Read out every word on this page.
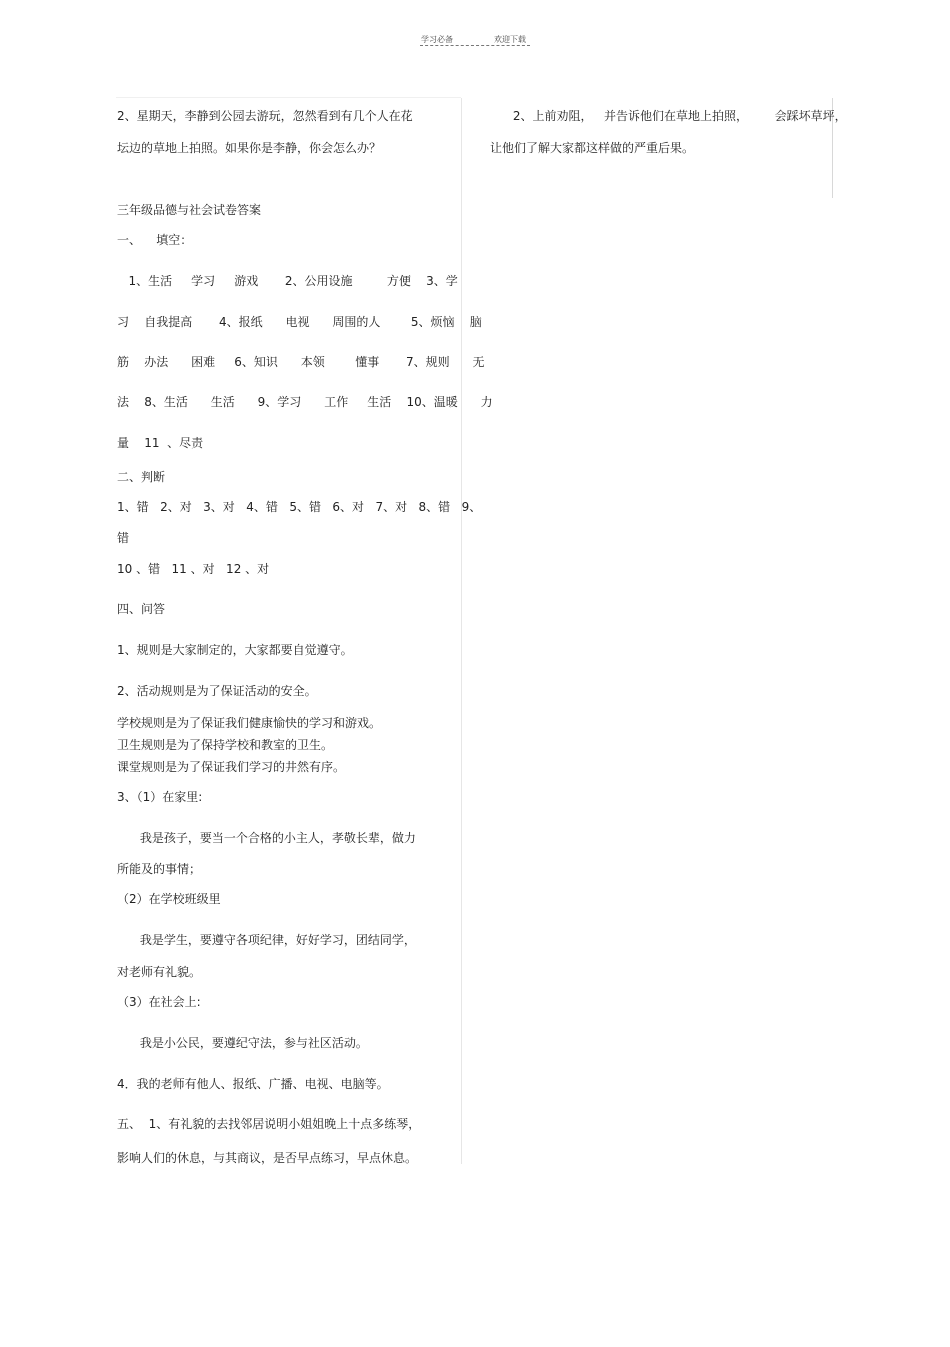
学习必备	欢迎下载
2、星期天，李静到公园去游玩，忽然看到有几个人在花
坛边的草地上拍照。如果你是李静，你会怎么办？
三年级品德与社会试卷答案
一、    填空：
1、生活     学习     游戏       2、公用设施         方便    3、学
习    自我提高       4、报纸      电视      周围的人        5、烦恼    脑
筋    办法      困难     6、知识      本领        懂事       7、规则      无
法    8、生活      生活      9、学习      工作     生活    10、温暖      力
量    11  、尽责
二、判断
1、错   2、对   3、对   4、错   5、错   6、对   7、对   8、错   9、
错
10 、错   11 、对   12 、对
四、问答
1、规则是大家制定的，大家都要自觉遵守。
2、活动规则是为了保证活动的安全。
学校规则是为了保证我们健康愉快的学习和游戏。
卫生规则是为了保持学校和教室的卫生。
课堂规则是为了保证我们学习的井然有序。
3、（1）在家里:
我是孩子，要当一个合格的小主人，孝敬长辈，做力
所能及的事情；
（2）在学校班级里
我是学生，要遵守各项纪律，好好学习，团结同学，
对老师有礼貌。
（3）在社会上:
我是小公民，要遵纪守法，参与社区活动。
4．我的老师有他人、报纸、广播、电视、电脑等。
五、  1、有礼貌的去找邻居说明小姐姐晚上十点多练琴，
影响人们的休息，与其商议，是否早点练习，早点休息。
2、上前劝阻，   并告诉他们在草地上拍照，       会踩坏草坪，
让他们了解大家都这样做的严重后果。
